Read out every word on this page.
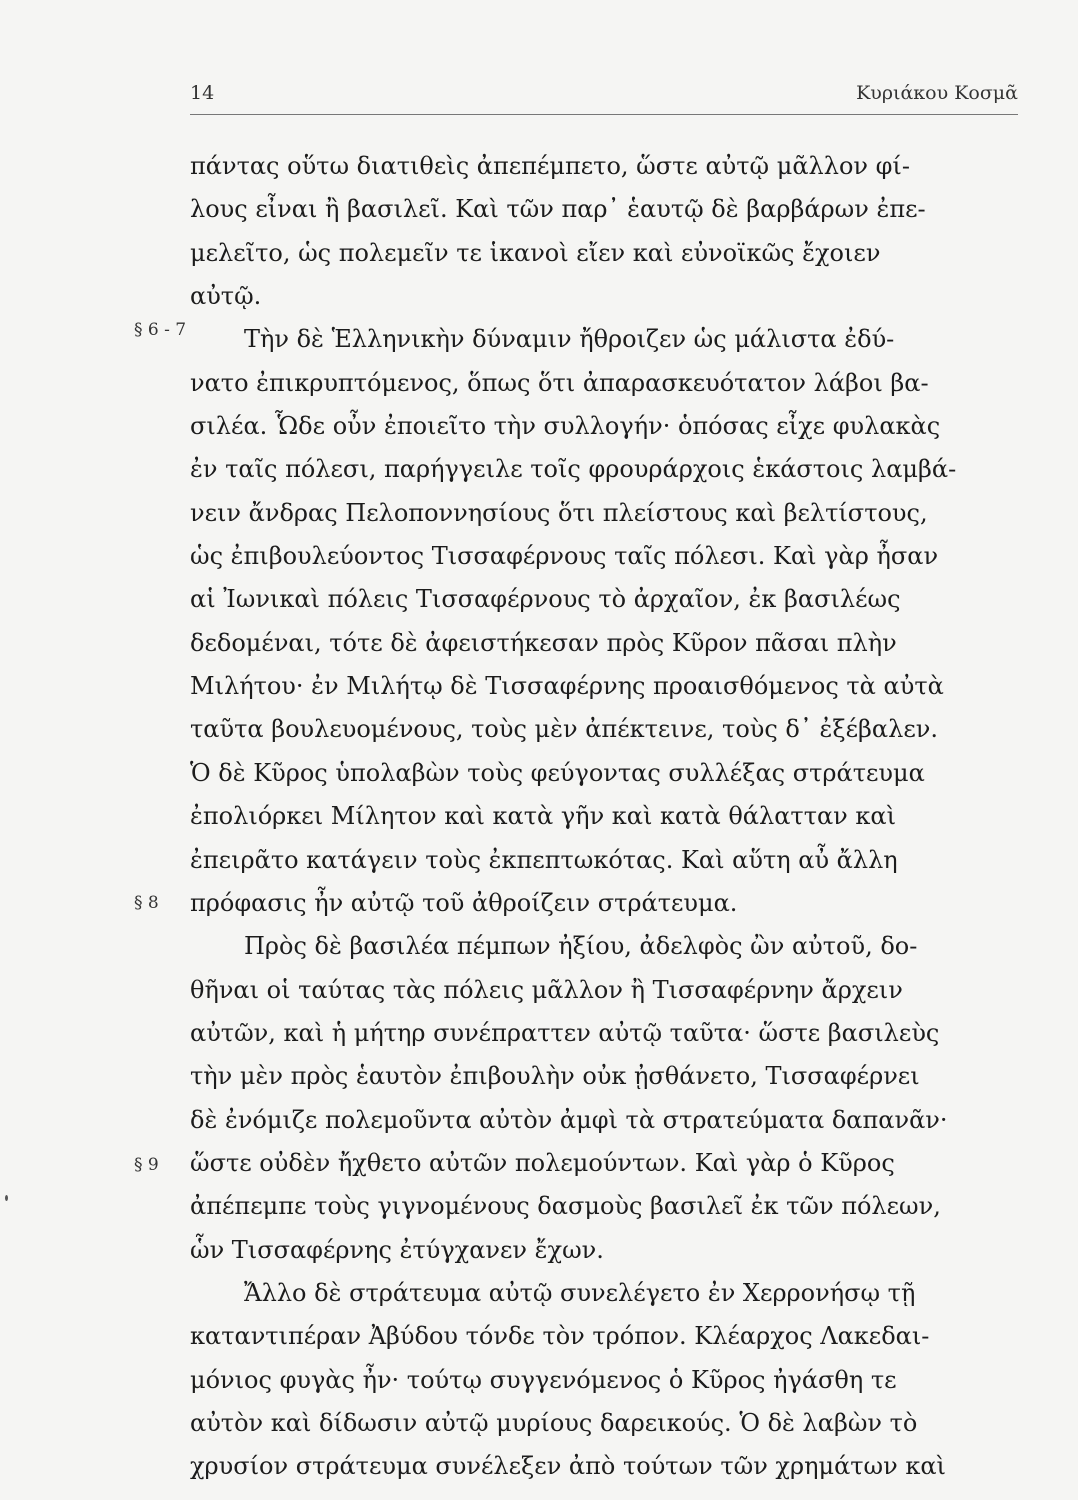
14	Κυριάκου Κοσμᾶ
§ 6 - 7
§ 8
§ 9
πάντας οὕτω διατιθεὶς ἀπεπέμπετο, ὥστε αὐτῷ μᾶλλον φί-
λους εἶναι ἢ βασιλεῖ. Καὶ τῶν παρ᾽ ἑαυτῷ δὲ βαρβάρων ἐπε-
μελεῖτο, ὡς πολεμεῖν τε ἱκανοὶ εἴεν καὶ εὐνοϊκῶς ἔχοιεν
αὐτῷ.
Τὴν δὲ Ἑλληνικὴν δύναμιν ἤθροιζεν ὡς μάλιστα ἐδύ-
νατο ἐπικρυπτόμενος, ὅπως ὅτι ἀπαρασκευότατον λάβοι βα-
σιλέα. Ὧδε οὖν ἐποιεῖτο τὴν συλλογήν· ὁπόσας εἶχε φυλακὰς
ἐν ταῖς πόλεσι, παρήγγειλε τοῖς φρουράρχοις ἑκάστοις λαμβά-
νειν ἄνδρας Πελοποννησίους ὅτι πλείστους καὶ βελτίστους,
ὡς ἐπιβουλεύοντος Τισσαφέρνους ταῖς πόλεσι. Καὶ γὰρ ἦσαν
αἱ Ἰωνικαὶ πόλεις Τισσαφέρνους τὸ ἀρχαῖον, ἐκ βασιλέως
δεδομέναι, τότε δὲ ἀφειστήκεσαν πρὸς Κῦρον πᾶσαι πλὴν
Μιλήτου· ἐν Μιλήτῳ δὲ Τισσαφέρνης προαισθόμενος τὰ αὐτὰ
ταῦτα βουλευομένους, τοὺς μὲν ἀπέκτεινε, τοὺς δ᾽ ἐξέβαλεν.
Ὁ δὲ Κῦρος ὑπολαβὼν τοὺς φεύγοντας συλλέξας στράτευμα
ἐπολιόρκει Μίλητον καὶ κατὰ γῆν καὶ κατὰ θάλατταν καὶ
ἐπειρᾶτο κατάγειν τοὺς ἐκπεπτωκότας. Καὶ αὕτη αὖ ἄλλη
πρόφασις ἦν αὐτῷ τοῦ ἀθροίζειν στράτευμα.
Πρὸς δὲ βασιλέα πέμπων ἠξίου, ἀδελφὸς ὢν αὐτοῦ, δο-
θῆναι οἱ ταύτας τὰς πόλεις μᾶλλον ἢ Τισσαφέρνην ἄρχειν
αὐτῶν, καὶ ἡ μήτηρ συνέπραττεν αὐτῷ ταῦτα· ὥστε βασιλεὺς
τὴν μὲν πρὸς ἑαυτὸν ἐπιβουλὴν οὐκ ᾐσθάνετο, Τισσαφέρνει
δὲ ἐνόμιζε πολεμοῦντα αὐτὸν ἀμφὶ τὰ στρατεύματα δαπανᾶν·
ὥστε οὐδὲν ἤχθετο αὐτῶν πολεμούντων. Καὶ γὰρ ὁ Κῦρος
ἀπέπεμπε τοὺς γιγνομένους δασμοὺς βασιλεῖ ἐκ τῶν πόλεων,
ὧν Τισσαφέρνης ἐτύγχανεν ἔχων.
Ἄλλο δὲ στράτευμα αὐτῷ συνελέγετο ἐν Χερρονήσῳ τῇ
καταντιπέραν Ἀβύδου τόνδε τὸν τρόπον. Κλέαρχος Λακεδαι-
μόνιος φυγὰς ἦν· τούτῳ συγγενόμενος ὁ Κῦρος ἠγάσθη τε
αὐτὸν καὶ δίδωσιν αὐτῷ μυρίους δαρεικούς. Ὁ δὲ λαβὼν τὸ
χρυσίον στράτευμα συνέλεξεν ἀπὸ τούτων τῶν χρημάτων καὶ
